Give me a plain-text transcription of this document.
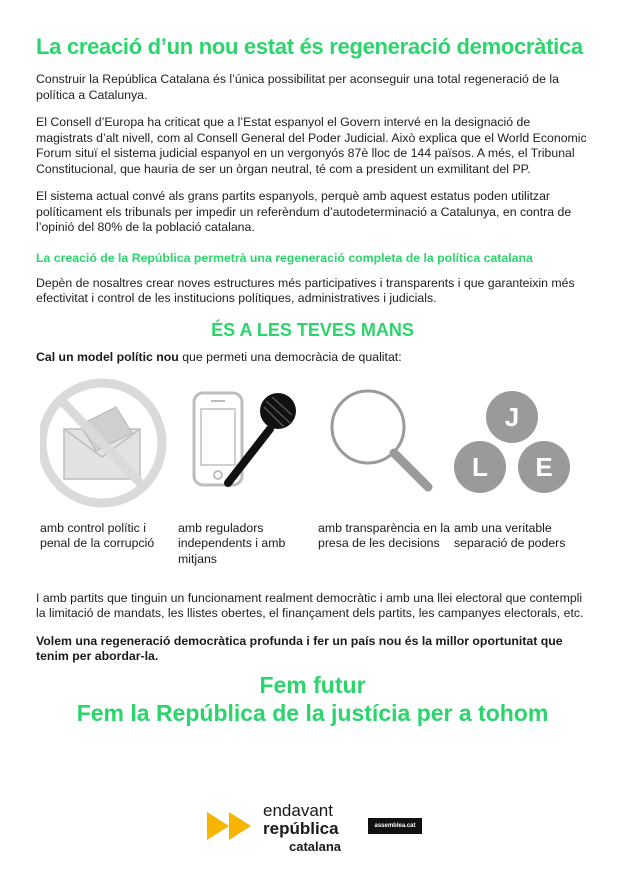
La creació d’un nou estat és regeneració democràtica

Construir la República Catalana és l’única possibilitat per aconseguir una total regeneració de la política a Catalunya.

El Consell d’Europa ha criticat que a l’Estat espanyol el Govern intervé en la designació de magistrats d’alt nivell, com al Consell General del Poder Judicial. Això explica que el World Economic Forum situï el sistema judicial espanyol en un vergonyós 87è lloc de 144 països. A més, el Tribunal Constitucional, que hauria de ser un òrgan neutral, té com a president un exmilitant del PP.

El sistema actual convé als grans partits espanyols, perquè amb aquest estatus poden utilitzar políticament els tribunals per impedir un referèndum d’autodeterminació a Catalunya, en contra de l’opinió del 80% de la població catalana.

La creació de la República permetrà una regeneració completa de la política catalana

Depèn de nosaltres crear noves estructures més participatives i transparents i que garanteixin més efectivitat i control de les institucions polítiques, administratives i judicials.

ÉS A LES TEVES MANS

Cal un model polític nou que permeti una democràcia de qualitat:

J
L E

amb control polític i penal de la corrupció

amb reguladors independents i amb mitjans

amb transparència en la presa de les decisions

amb una veritable separació de poders

I amb partits que tinguin un funcionament realment democràtic i amb una llei electoral que contempli la limitació de mandats, les llistes obertes, el finançament dels partits, les campanyes electorals, etc.

Volem una regeneració democràtica profunda i fer un país nou és la millor oportunitat que tenim per abordar-la.

Fem futur

Fem la República de la justícia per a tohom

endavant
república
catalana
assemblea.cat
